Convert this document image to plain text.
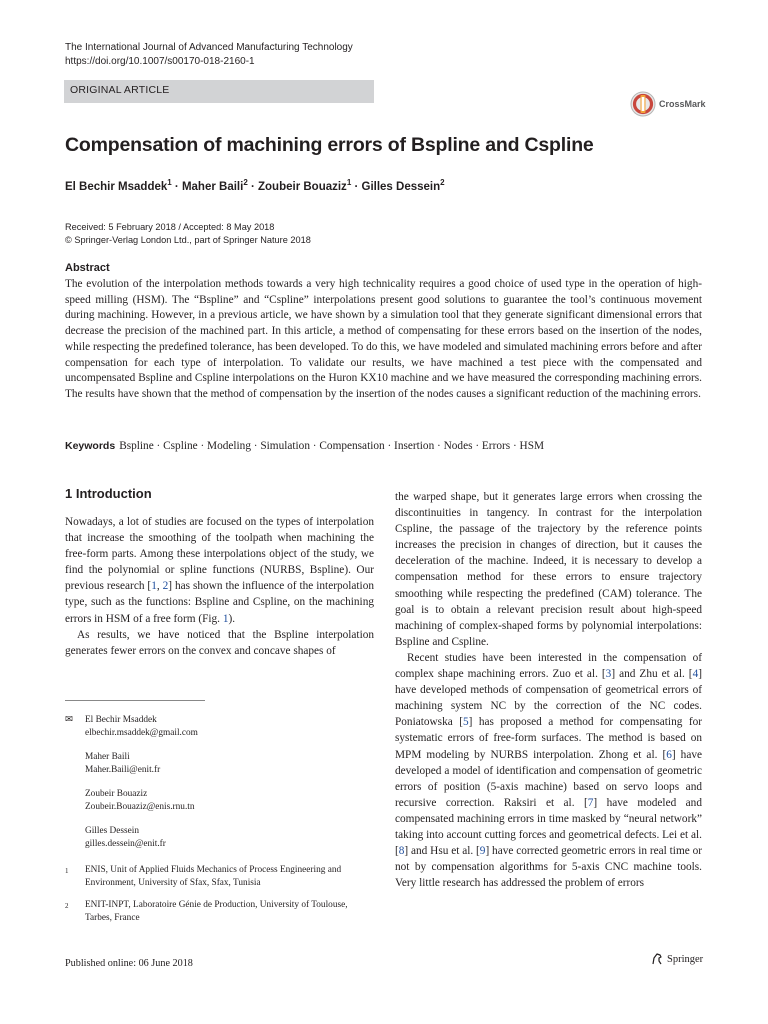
The International Journal of Advanced Manufacturing Technology
https://doi.org/10.1007/s00170-018-2160-1
ORIGINAL ARTICLE
CrossMark
Compensation of machining errors of Bspline and Cspline
El Bechir Msaddek$^1$ · Maher Baili$^2$ · Zoubeir Bouaziz$^1$ · Gilles Dessein$^2$
Received: 5 February 2018 / Accepted: 8 May 2018
© Springer-Verlag London Ltd., part of Springer Nature 2018
Abstract

The evolution of the interpolation methods towards a very high technicality requires a good choice of used type in the operation of high-speed milling (HSM). The “Bspline” and “Cspline” interpolations present good solutions to guarantee the tool’s continuous movement during machining. However, in a previous article, we have shown by a simulation tool that they generate significant dimensional errors that decrease the precision of the machined part. In this article, a method of compensating for these errors based on the insertion of the nodes, while respecting the predefined tolerance, has been developed. To do this, we have modeled and simulated machining errors before and after compensation for each type of interpolation. To validate our results, we have machined a test piece with the compensated and uncompensated Bspline and Cspline interpolations on the Huron KX10 machine and we have measured the corresponding machining errors. The results have shown that the method of compensation by the insertion of the nodes causes a significant reduction of the machining errors.

Keywords Bspline · Cspline · Modeling · Simulation · Compensation · Insertion · Nodes · Errors · HSM
1 Introduction

Nowadays, a lot of studies are focused on the types of interpolation that increase the smoothing of the toolpath when machining the free-form parts. Among these interpolations object of the study, we find the polynomial or spline functions (NURBS, Bspline). Our previous research [1, 2] has shown the influence of the interpolation type, such as the functions: Bspline and Cspline, on the machining errors in HSM of a free form (Fig. 1).

As results, we have noticed that the Bspline interpolation generates fewer errors on the convex and concave shapes of

the warped shape, but it generates large errors when crossing the discontinuities in tangency. In contrast for the interpolation Cspline, the passage of the trajectory by the reference points increases the precision in changes of direction, but it causes the deceleration of the machine. Indeed, it is necessary to develop a compensation method for these errors to ensure trajectory smoothing while respecting the predefined (CAM) tolerance. The goal is to obtain a relevant precision result about high-speed machining of complex-shaped forms by polynomial interpolations: Bspline and Cspline.

Recent studies have been interested in the compensation of complex shape machining errors. Zuo et al. [3] and Zhu et al. [4] have developed methods of compensation of geometrical errors of machining system NC by the correction of the NC codes. Poniatowska [5] has proposed a method for compensating for systematic errors of free-form surfaces. The method is based on MPM modeling by NURBS interpolation. Zhong et al. [6] have developed a model of identification and compensation of geometric errors of position (5-axis machine) based on servo loops and recursive correction. Raksiri et al. [7] have modeled and compensated machining errors in time masked by “neural network” taking into account cutting forces and geometrical defects. Lei et al. [8] and Hsu et al. [9] have corrected geometric errors in real time or not by compensation algorithms for 5-axis CNC machine tools. Very little research has addressed the problem of errors

✉	El Bechir Msaddek
elbechir.msaddek@gmail.com
Maher Baili
Maher.Baili@enit.fr
Zoubeir Bouaziz
Zoubeir.Bouaziz@enis.rnu.tn
Gilles Dessein
gilles.dessein@enit.fr
1	ENIS, Unit of Applied Fluids Mechanics of Process Engineering and Environment, University of Sfax, Sfax, Tunisia
2	ENIT-INPT, Laboratoire Génie de Production, University of Toulouse, Tarbes, France
Published online: 06 June 2018	Springer
